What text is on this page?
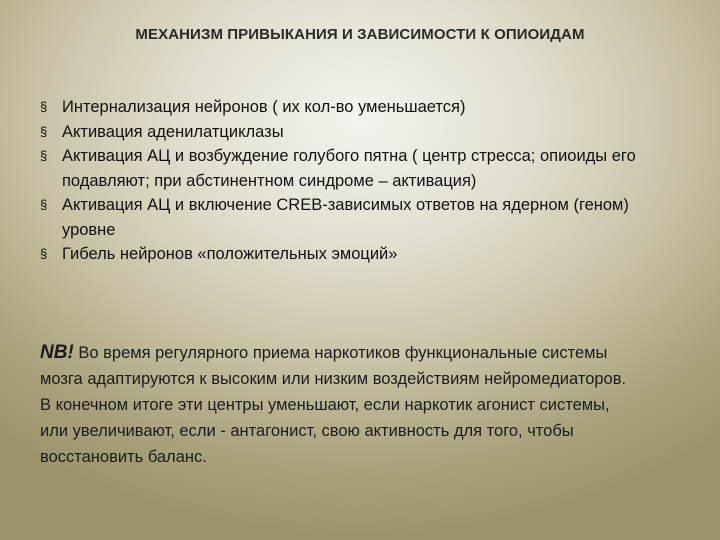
МЕХАНИЗМ ПРИВЫКАНИЯ И ЗАВИСИМОСТИ К ОПИОИДАМ
§ Интернализация нейронов ( их кол-во уменьшается)
§ Активация аденилатциклазы
§ Активация АЦ и возбуждение голубого пятна ( центр стресса; опиоиды его подавляют; при абстинентном синдроме – активация)
§ Активация АЦ и включение CREB-зависимых ответов на ядерном (геном) уровне
§ Гибель нейронов «положительных эмоций»
NB! Во время регулярного приема наркотиков функциональные системы мозга адаптируются к высоким или низким воздействиям нейромедиаторов. В конечном итоге эти центры уменьшают, если наркотик агонист системы, или увеличивают, если - антагонист, свою активность для того, чтобы восстановить баланс.
